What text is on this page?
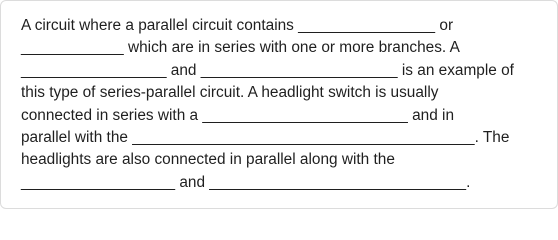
A circuit where a parallel circuit contains ________________ or
____________ which are in series with one or more branches. A
_________________ and _______________________ is an example of
this type of series-parallel circuit. A headlight switch is usually
connected in series with a ________________________ and in
parallel with the ________________________________________. The
headlights are also connected in parallel along with the
__________________ and ______________________________.
